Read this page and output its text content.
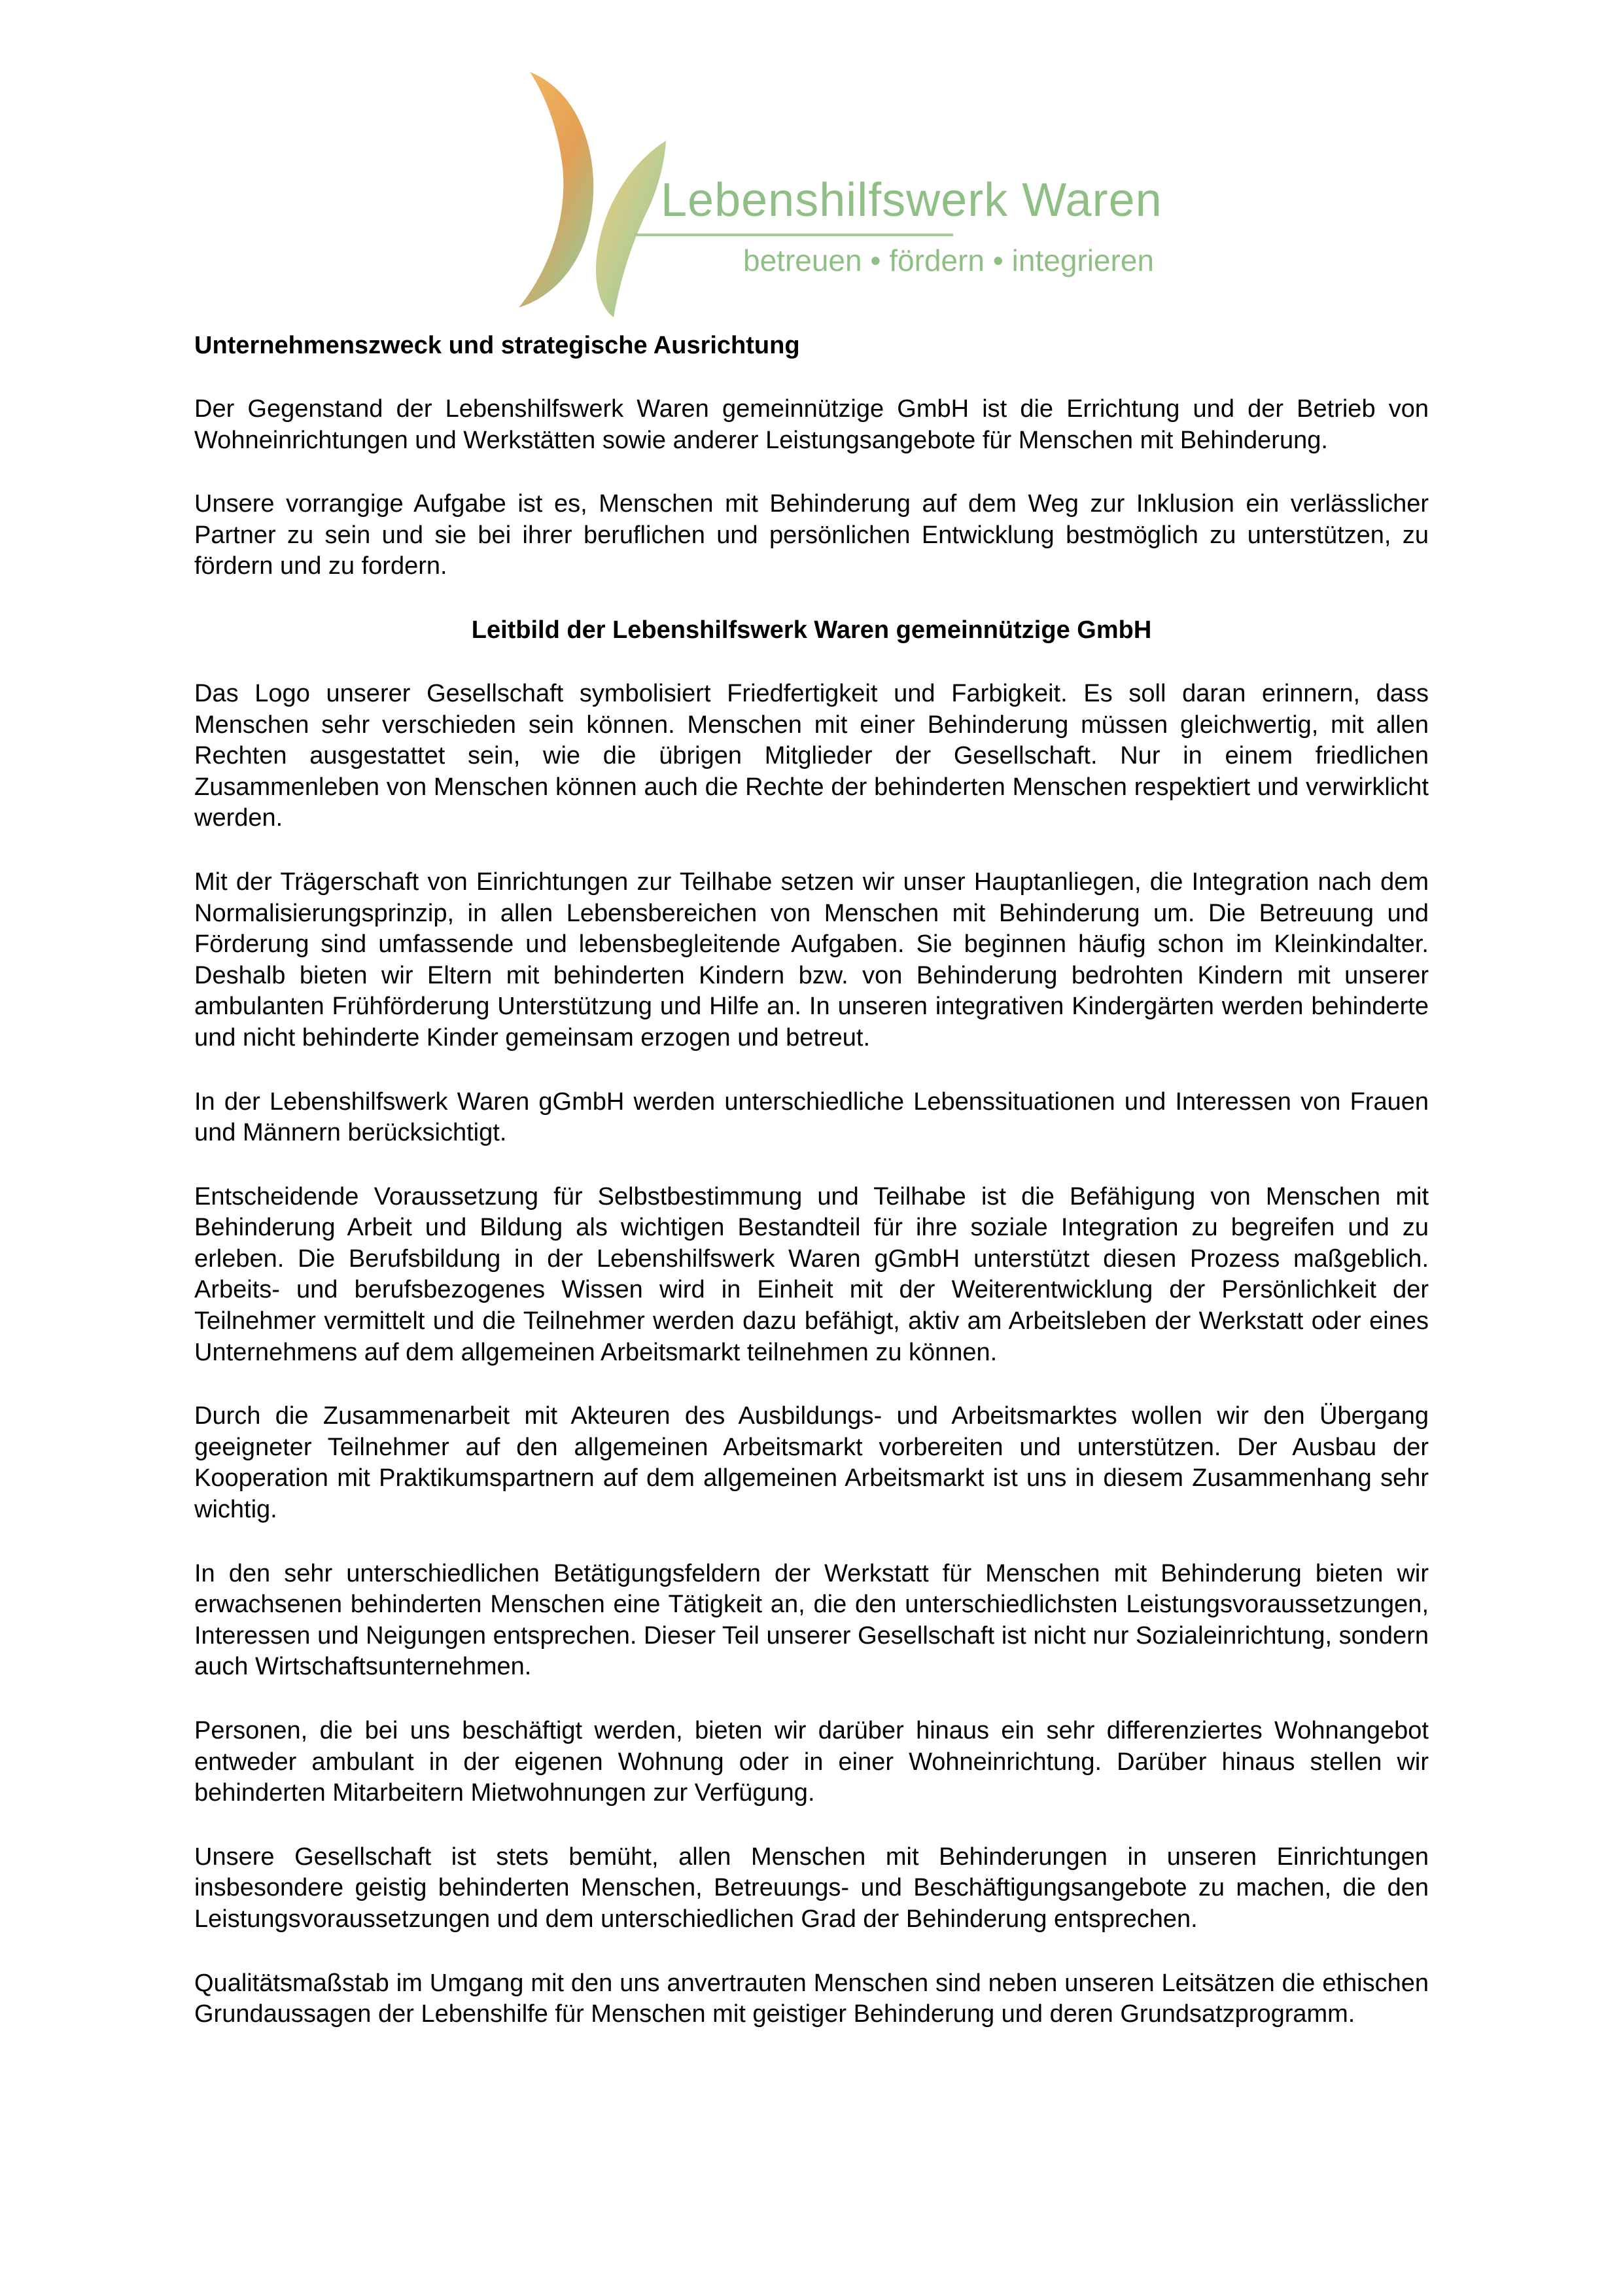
Lebenshilfswerk Waren
betreuen • fördern • integrieren
Unternehmenszweck und strategische Ausrichtung

Der Gegenstand der Lebenshilfswerk Waren gemeinnützige GmbH ist die Errichtung und der Betrieb von Wohneinrichtungen und Werkstätten sowie anderer Leistungsangebote für Menschen mit Behinderung.

Unsere vorrangige Aufgabe ist es, Menschen mit Behinderung auf dem Weg zur Inklusion ein verlässlicher Partner zu sein und sie bei ihrer beruflichen und persönlichen Entwicklung bestmöglich zu unterstützen, zu fördern und zu fordern.

Leitbild der Lebenshilfswerk Waren gemeinnützige GmbH

Das Logo unserer Gesellschaft symbolisiert Friedfertigkeit und Farbigkeit. Es soll daran erinnern, dass Menschen sehr verschieden sein können. Menschen mit einer Behinderung müssen gleichwertig, mit allen Rechten ausgestattet sein, wie die übrigen Mitglieder der Gesellschaft. Nur in einem friedlichen Zusammenleben von Menschen können auch die Rechte der behinderten Menschen respektiert und verwirklicht werden.

Mit der Trägerschaft von Einrichtungen zur Teilhabe setzen wir unser Hauptanliegen, die Integration nach dem Normalisierungsprinzip, in allen Lebensbereichen von Menschen mit Behinderung um. Die Betreuung und Förderung sind umfassende und lebensbegleitende Aufgaben. Sie beginnen häufig schon im Kleinkindalter. Deshalb bieten wir Eltern mit behinderten Kindern bzw. von Behinderung bedrohten Kindern mit unserer ambulanten Frühförderung Unterstützung und Hilfe an. In unseren integrativen Kindergärten werden behinderte und nicht behinderte Kinder gemeinsam erzogen und betreut.

In der Lebenshilfswerk Waren gGmbH werden unterschiedliche Lebenssituationen und Interessen von Frauen und Männern berücksichtigt.

Entscheidende Voraussetzung für Selbstbestimmung und Teilhabe ist die Befähigung von Menschen mit Behinderung Arbeit und Bildung als wichtigen Bestandteil für ihre soziale Integration zu begreifen und zu erleben. Die Berufsbildung in der Lebenshilfswerk Waren gGmbH unterstützt diesen Prozess maßgeblich. Arbeits- und berufsbezogenes Wissen wird in Einheit mit der Weiterentwicklung der Persönlichkeit der Teilnehmer vermittelt und die Teilnehmer werden dazu befähigt, aktiv am Arbeitsleben der Werkstatt oder eines Unternehmens auf dem allgemeinen Arbeitsmarkt teilnehmen zu können.

Durch die Zusammenarbeit mit Akteuren des Ausbildungs- und Arbeitsmarktes wollen wir den Übergang geeigneter Teilnehmer auf den allgemeinen Arbeitsmarkt vorbereiten und unterstützen. Der Ausbau der Kooperation mit Praktikumspartnern auf dem allgemeinen Arbeitsmarkt ist uns in diesem Zusammenhang sehr wichtig.

In den sehr unterschiedlichen Betätigungsfeldern der Werkstatt für Menschen mit Behinderung bieten wir erwachsenen behinderten Menschen eine Tätigkeit an, die den unterschiedlichsten Leistungsvoraussetzungen, Interessen und Neigungen entsprechen. Dieser Teil unserer Gesellschaft ist nicht nur Sozialeinrichtung, sondern auch Wirtschaftsunternehmen.

Personen, die bei uns beschäftigt werden, bieten wir darüber hinaus ein sehr differenziertes Wohnangebot entweder ambulant in der eigenen Wohnung oder in einer Wohneinrichtung. Darüber hinaus stellen wir behinderten Mitarbeitern Mietwohnungen zur Verfügung.

Unsere Gesellschaft ist stets bemüht, allen Menschen mit Behinderungen in unseren Einrichtungen insbesondere geistig behinderten Menschen, Betreuungs- und Beschäftigungsangebote zu machen, die den Leistungsvoraussetzungen und dem unterschiedlichen Grad der Behinderung entsprechen.

Qualitätsmaßstab im Umgang mit den uns anvertrauten Menschen sind neben unseren Leitsätzen die ethischen Grundaussagen der Lebenshilfe für Menschen mit geistiger Behinderung und deren Grundsatzprogramm.
